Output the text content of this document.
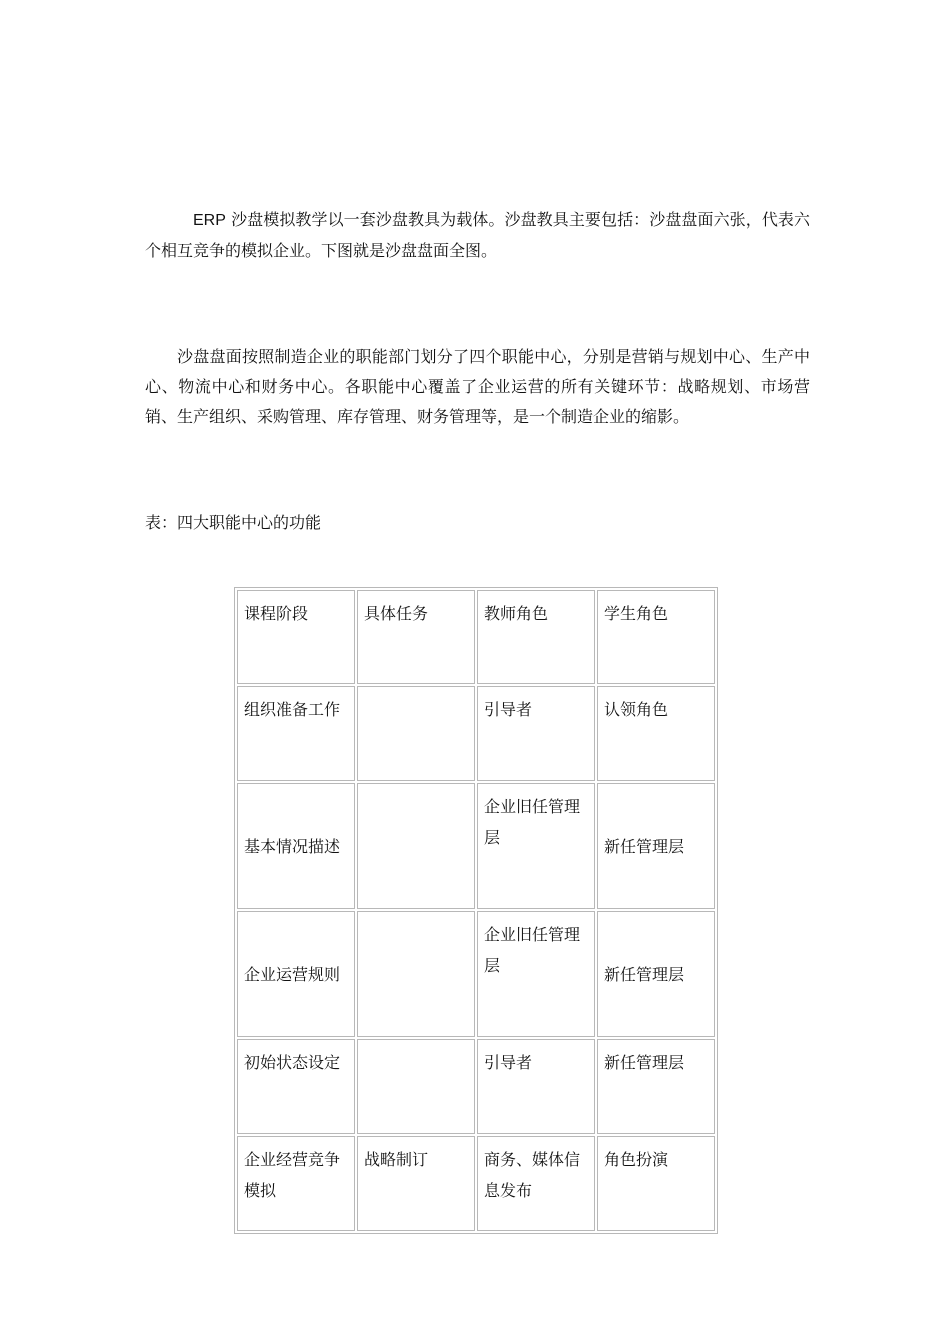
ERP 沙盘模拟教学以一套沙盘教具为载体。沙盘教具主要包括：沙盘盘面六张，代表六个相互竞争的模拟企业。下图就是沙盘盘面全图。

沙盘盘面按照制造企业的职能部门划分了四个职能中心，分别是营销与规划中心、生产中心、物流中心和财务中心。各职能中心覆盖了企业运营的所有关键环节：战略规划、市场营销、生产组织、采购管理、库存管理、财务管理等，是一个制造企业的缩影。

表：四大职能中心的功能

课程阶段	具体任务	教师角色	学生角色
组织准备工作		引导者	认领角色
基本情况描述		企业旧任管理层	新任管理层
企业运营规则		企业旧任管理层	新任管理层
初始状态设定		引导者	新任管理层
企业经营竞争模拟	战略制订	商务、媒体信息发布	角色扮演
